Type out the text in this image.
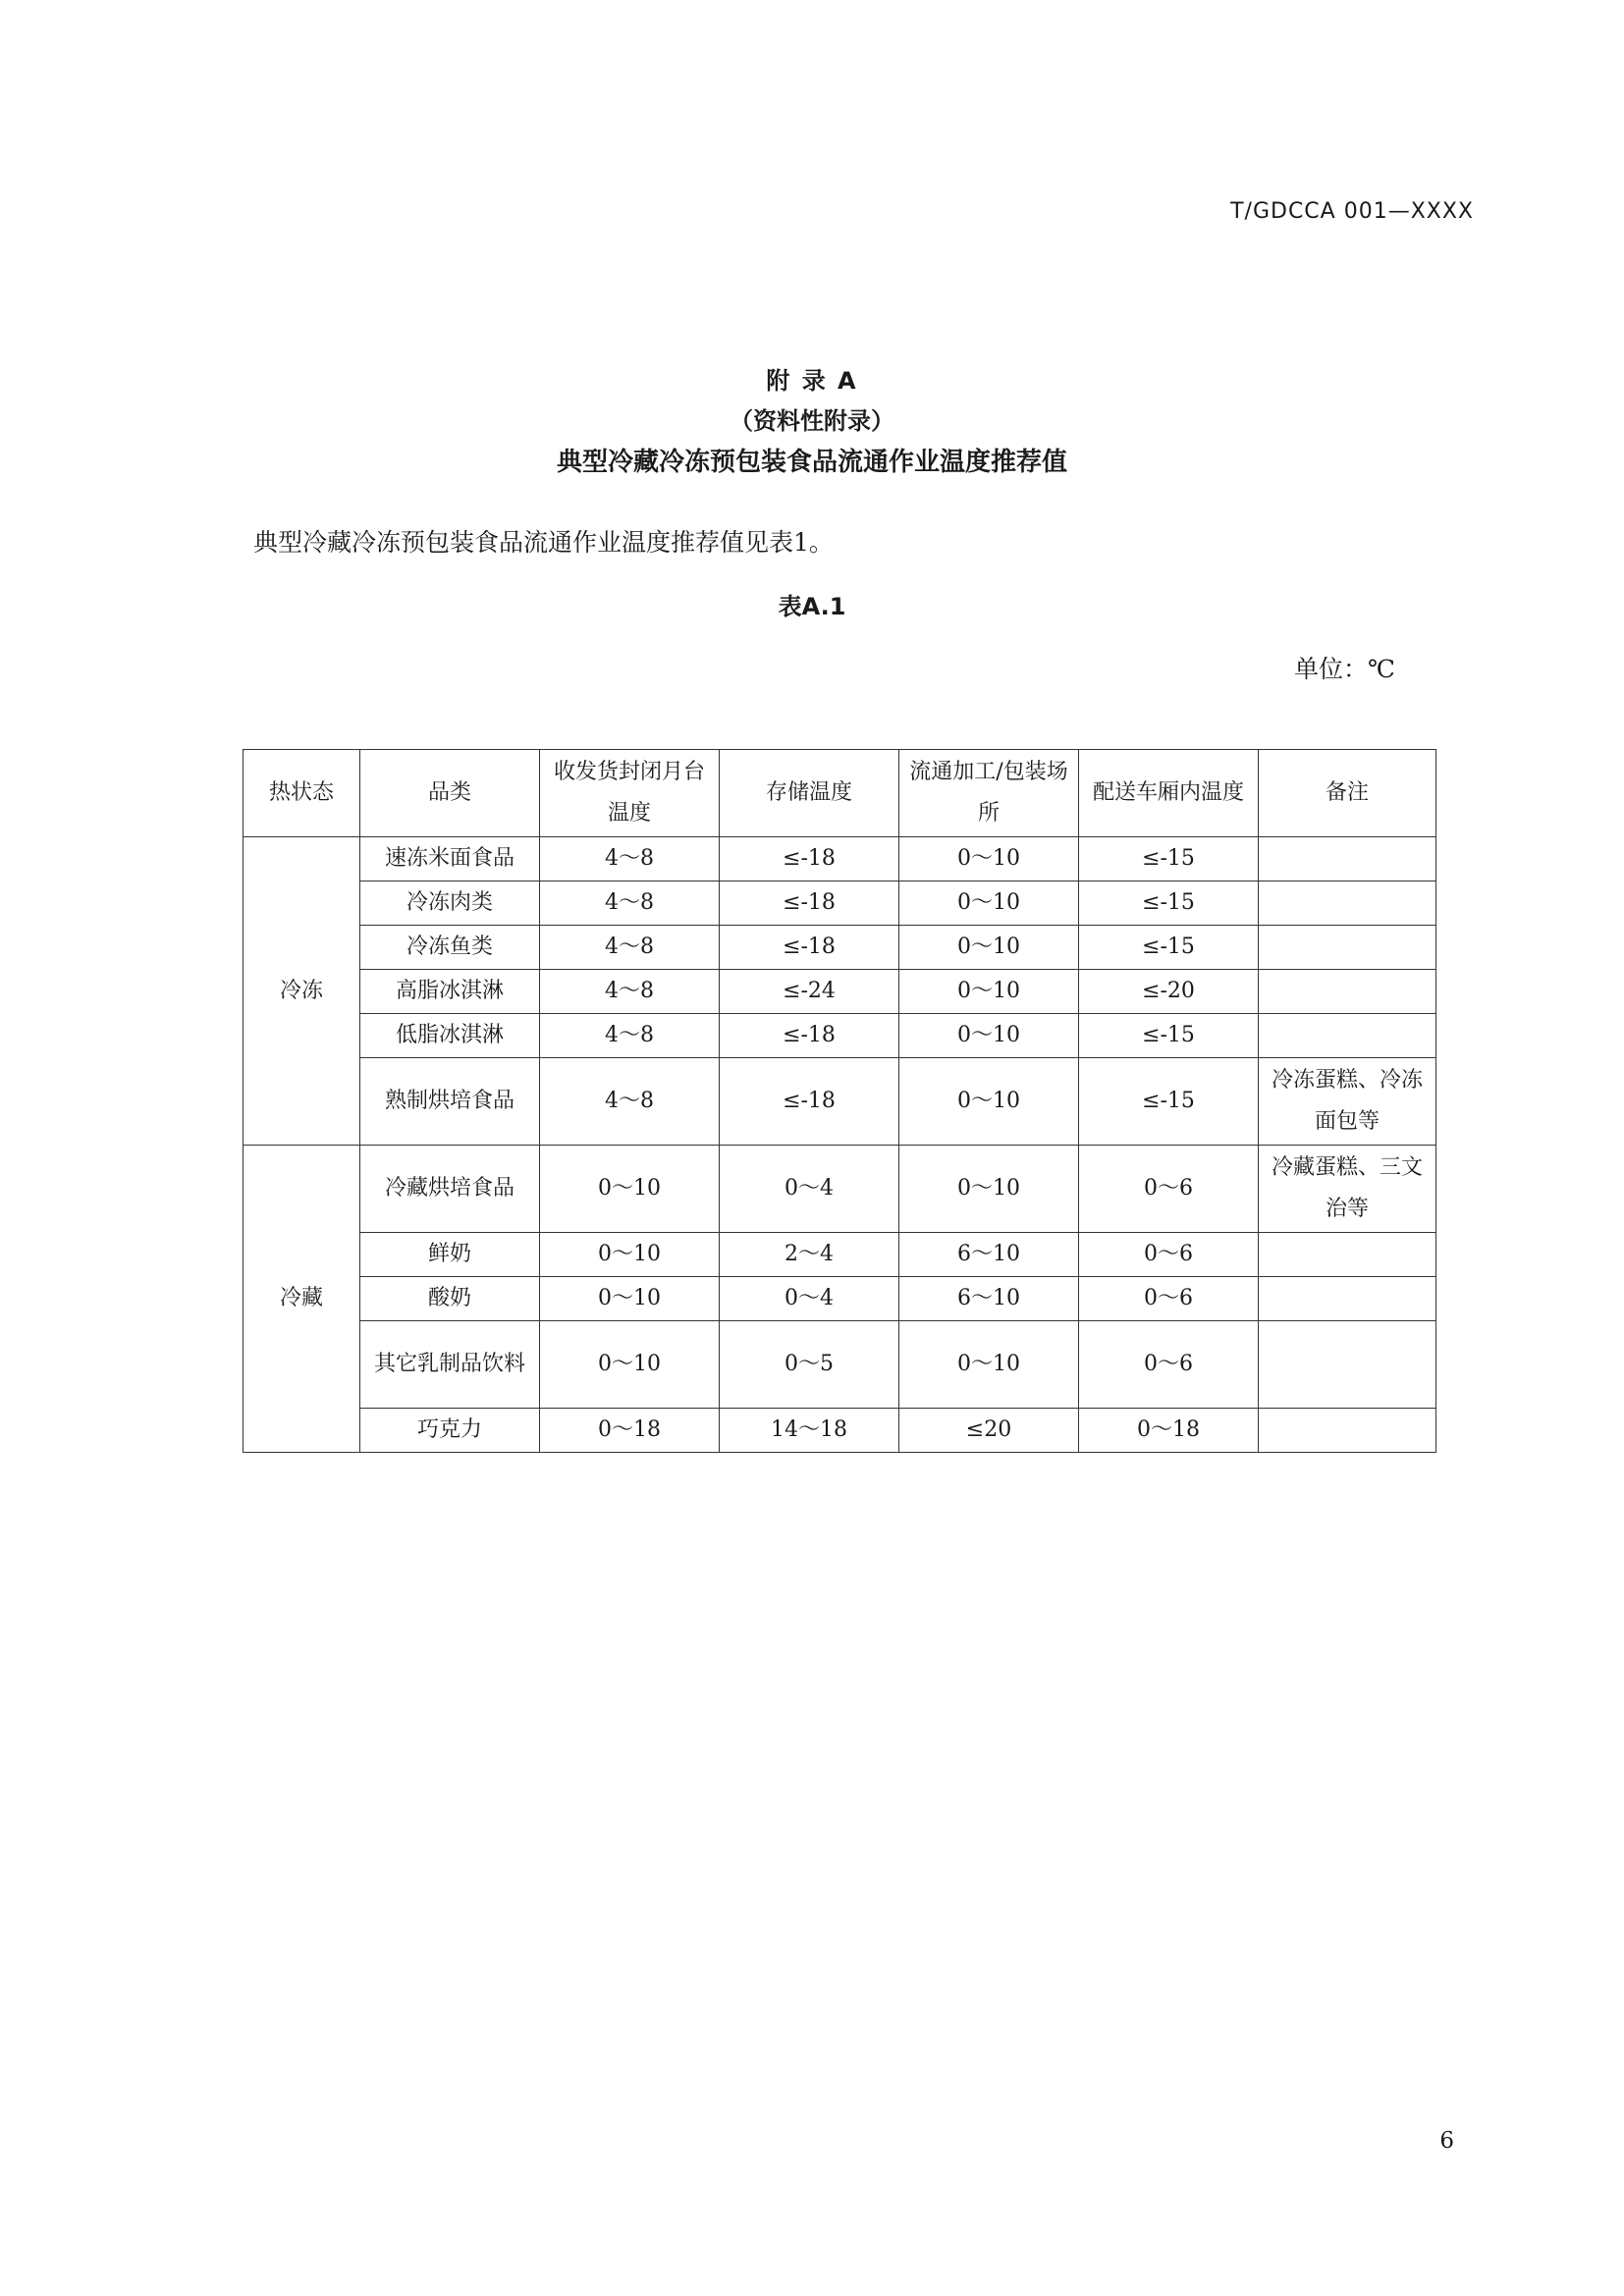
T/GDCCA 001—XXXX
附 录 A
（资料性附录）
典型冷藏冷冻预包装食品流通作业温度推荐值
典型冷藏冷冻预包装食品流通作业温度推荐值见表1。
表A.1
单位：℃
热状态	品类	收发货封闭月台温度	存储温度	流通加工/包装场所	配送车厢内温度	备注
冷冻	速冻米面食品	4～8	≤-18	0～10	≤-15	
	冷冻肉类	4～8	≤-18	0～10	≤-15	
	冷冻鱼类	4～8	≤-18	0～10	≤-15	
	高脂冰淇淋	4～8	≤-24	0～10	≤-20	
	低脂冰淇淋	4～8	≤-18	0～10	≤-15	
	熟制烘培食品	4～8	≤-18	0～10	≤-15	冷冻蛋糕、冷冻面包等
冷藏	冷藏烘培食品	0～10	0～4	0～10	0～6	冷藏蛋糕、三文治等
	鲜奶	0～10	2～4	6～10	0～6	
	酸奶	0～10	0～4	6～10	0～6	
	其它乳制品饮料	0～10	0～5	0～10	0～6	
	巧克力	0～18	14～18	≤20	0～18	
6
